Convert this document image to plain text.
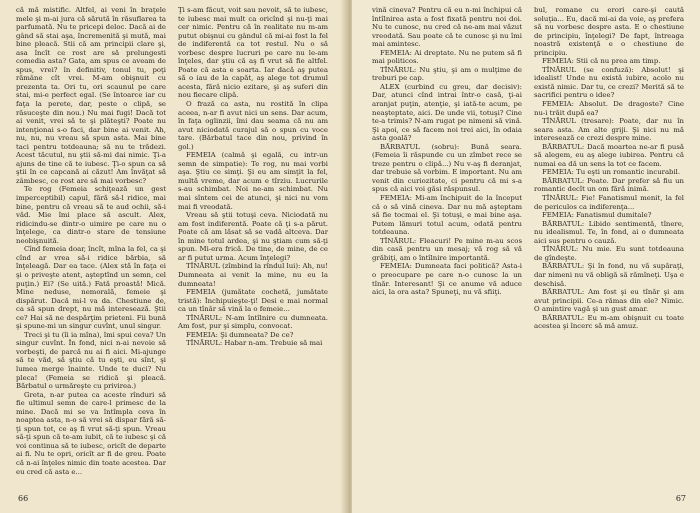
că mă mistific. Altfel, ai veni în braţele mele şi m-ai jura că sărută în răsuflarea ta parfumată. Nu te pricepi deloc. Dacă ai de gând să stai aşa, încremenită şi mută, mai bine pleacă. Stii că am principii clare şi, asa încît ce rost are să prelungesti comedia asta? Gata, am spus ce aveam de spus, vrei? în definitiv, tonul tu, poţi rămâne cît vrei. M-am obişnuit cu prezenta ta. Ori tu, ori scaunul pe care stai, mi-e perfect egal. (Se întoarce iar cu faţa la perete, dar, peste o clipă, se răsuceşte din nou.) Nu mai fugi! Dacă tot ai venit, vrei să te şi plăteşti? Poate nu intenţionai s-o faci, dar bine ai venit. Ah, nu, nu, nu vreau să spun asta. Mai bine taci pentru totdeauna; să nu te trădezi. Acest tăcutul, nu ştii să-mi dai nimic. Ţi-a ajuns de tine că te iubesc. Ţi-o spun ca să ştii în ce capcană ai căzut! Am învăţat să zâmbesc, ce rost are să mai vorbesc?

Te rog (Femeia schiţează un gest imperceptibil) capul, fără să-l ridice, mai bine, pentru că vreau să te aud ochii, să-i văd. Mie îmi place să ascult. Alex, ridicindu-se dintr-o uimire pe care nu o înţelege, ca dintr-o stare de tensiune neobişnuită.

Cînd femeia doar, încît, mîna la fel, ca şi cînd ar vrea să-i ridice bărbia, să înţeleagă. Dar ea tace. (Alex stă în faţa ei şi o priveşte atent, aşteptînd un semn, cel puţin.) Ei? (Se uită.) Fată proastă! Mică. Mine neduse, nemorală, femeie şi dispărut. Dacă mi-l va da. Chestiune de, ca să spun drept, nu mă interesează. Ştii ce? Hai să ne despărţim prieteni. Fii bună şi spune-mi un singur cuvînt, unul singur.

Treci şi tu (îi ia mîna), îmi spui ceva? Un singur cuvînt. În fond, nici n-ai nevoie să vorbeşti, de parcă nu ai fi aici. Mi-ajunge să te văd, să ştiu că tu eşti, eu sînt, şi lumea merge înainte. Unde te duci? Nu pleca! (Femeia se ridică şi pleacă. Bărbatul o urmăreşte cu privirea.)

Greta, n-ar putea ca aceste rînduri să fie ultimul semn de care-l primesc de la mine. Dacă mi se va întîmpla ceva în noaptea asta, n-o să vrei să dispar fără să-ţi spun tot, ce aş fi vrut să-ţi spun. Vreau să-ţi spun că te-am iubit, că te iubesc şi că voi continua să te iubesc, oricît de departe ai fi. Nu te opri, oricît ar fi de greu. Poate că n-ai înţeles nimic din toate acestea. Dar eu cred că asta e...

Ţi s-am făcut, voit sau nevoit, să te iubesc, te iubesc mai mult ca oricînd şi nu-ţi mai cer nimic. Pentru că în realitate nu m-am putut obişnui cu gândul că mi-ai fost la fel de indiferentă ca tot restul. Nu o să vorbesc despre lucruri pe care nu le-am înţeles, dar ştiu că aş fi vrut să fie altfel. Poate că asta e soarta. Iar dacă aş putea să o iau de la capăt, aş alege tot drumul acesta, fără nicio ezitare, şi aş suferi din nou fiecare clipă.

O frază ca asta, nu rostită în clipa aceea, n-ar fi avut nici un sens. Dar acum, în faţa oglinzii, îmi dau seama că nu am avut niciodată curajul să o spun cu voce tare. (Bărbatul tace din nou, privind în gol.)

FEMEIA (calmă şi egală, cu intr-un semn de simpatie): Te rog, nu mai vorbi aşa. Ştiu ce simţi. Şi eu am simţit la fel, multă vreme, dar acum e tîrziu. Lucrurile s-au schimbat. Noi ne-am schimbat. Nu mai sîntem cei de atunci, şi nici nu vom mai fi vreodată.

Vreau să ştii totuşi ceva. Niciodată nu am fost indiferentă. Poate că ţi s-a părut. Poate că am lăsat să se vadă altceva. Dar în mine totul ardea, şi nu ştiam cum să-ţi spun. Mi-era frică. De tine, de mine, de ce ar fi putut urma. Acum înţelegi?

TÎNĂRUL (zîmbind la rîndul lui): Ah, nu! Dumneata ai venit la mine, nu eu la dumneata!

FEMEIA (jumătate cochetă, jumătate tristă): Închipuieşte-ţi! Desi e mai normal ca un tînăr să vină la o femeie...

TÎNĂRUL: N-am întîlnire cu dumneata. Am fost, pur şi simplu, convocat.

FEMEIA: Şi dumneata? De ce?

TÎNĂRUL: Habar n-am. Trebuie să mai

66

vină cineva? Pentru că eu n-mi închipui că întîlnirea asta a fost fixată pentru noi doi. Nu te cunosc, nu cred că ne-am mai văzut vreodată. Sau poate că te cunosc şi nu îmi mai amintesc.

FEMEIA: Ai dreptate. Nu ne putem să fi mai politicos.

TÎNĂRUL: Nu ştiu, şi am o mulţime de treburi pe cap.

ALEX (curbind cu greu, dar decisiv): Dar, atunci cînd intrai într-o casă, ţi-ai aranjat puţin, atenţie, şi iată-te acum, pe neaşteptate, aici. De unde vii, totuşi? Cine te-a trimis? N-am rugat pe nimeni să vină. Şi apoi, ce să facem noi trei aici, în odaia asta goală?

BĂRBATUL (sobru): Bună seara. (Femeia îi răspunde cu un zîmbet rece se treze pentru o clipă...) Nu v-aş fi deranjat, dar trebuie să vorbim. E important. Nu am venit din curiozitate, ci pentru că mi s-a spus că aici voi găsi răspunsul.

FEMEIA: Mi-am închipuit de la început că o să vină cineva. Dar nu mă aşteptam să fie tocmai el. Şi totuşi, e mai bine aşa. Putem lămuri totul acum, odată pentru totdeauna.

TÎNĂRUL: Fleacuri! Pe mine m-au scos din casă pentru un mesaj; vă rog să vă grăbiţi, am o întîlnire importantă.

FEMEIA: Dumneata faci politică? Asta-i o preocupare pe care n-o cunosc la un tînăr. Interesant! Şi ce anume vă aduce aici, la ora asta? Spuneţi, nu vă sfiiţi.

bul, romane cu erori care-şi caută soluţia... Eu, dacă mi-ai da voie, aş prefera să nu vorbesc despre asta. E o chestiune de principiu, înţelegi? De fapt, întreaga noastră existenţă e o chestiune de principiu.

FEMEIA: Stii că nu prea am timp.

TÎNĂRUL (se confuză): Absolut! şi idealist! Unde nu există iubire, acolo nu există nimic. Dar tu, ce crezi? Merită să te sacrifici pentru o idee?

FEMEIA: Absolut. De dragoste? Cine nu-i trăit după ea?

TÎNĂRUL (tresare): Poate, dar nu în seara asta. Am alte griji. Şi nici nu mă interesează ce crezi despre mine.

BĂRBATUL: Dacă moartea ne-ar fi pusă să alegem, eu aş alege iubirea. Pentru că numai ea dă un sens la tot ce facem.

FEMEIA: Tu eşti un romantic incurabil.

BĂRBATUL: Poate. Dar prefer să fiu un romantic decît un om fără inimă.

TÎNĂRUL: Fie! Fanatismul menit, la fel de periculos ca indiferenţa...

FEMEIA: Fanatismul dumitale?

BĂRBATUL: Libido sentimentă, tînere, nu idealismul. Te, în fond, ai o dumneata aici sus pentru o cauză.

TÎNĂRUL: Nu mie. Eu sunt totdeauna de gîndeşte.

BĂRBATUL: Şi în fond, nu vă supăraţi, dar nimeni nu vă obligă să rămîneţi. Uşa e deschisă.

BĂRBATUL: Am fost şi eu tînăr şi am avut principii. Ce-a rămas din ele? Nimic. O amintire vagă şi un gust amar.

BĂRBATUL: Eu m-am obişnuit cu toate acestea şi încerc să mă amuz.

67
